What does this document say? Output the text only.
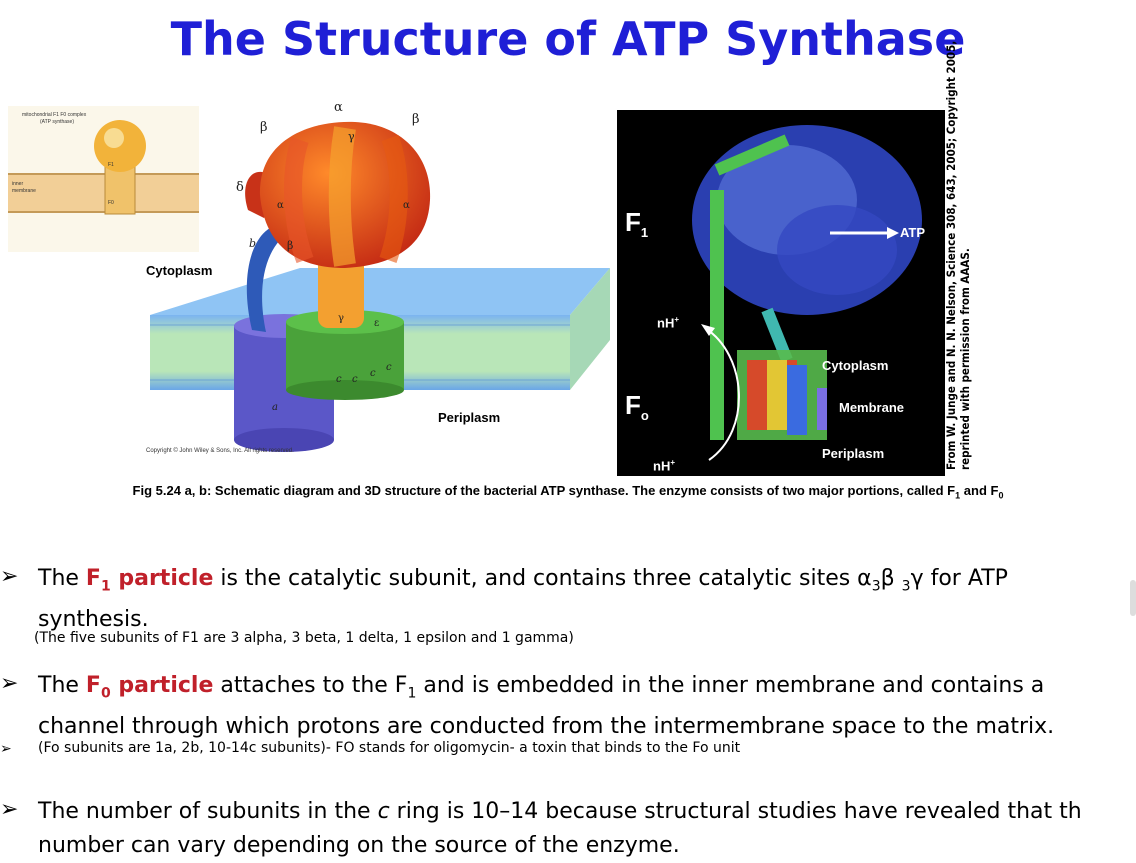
The Structure of ATP Synthase
mitochondrial F1 F0 complex
(ATP synthase)
inner
membrane
F1
F0
Cytoplasm
Periplasm
Copyright © John Wiley & Sons, Inc. All rights reserved.
α
β
β
γ
δ
α	α
b	β
γ	ε
a
c c
c
c
$F_1$
$F_o$
ATP
nH+
nH+
Cytoplasm
Membrane
Periplasm	From W. Junge and N. N. Nelson, Science 308, 643, 2005; Copyright 2005, reprinted with permission from AAAS.
Fig 5.24 a, b: Schematic diagram and 3D structure of the bacterial ATP synthase. The enzyme consists of two major portions, called $F_1$ and $F_0$
➢ The $F_1$ particle is the catalytic subunit, and contains three catalytic sites $\alpha_3\beta$ $_3$γ for ATP
synthesis.
(The five subunits of F1 are 3 alpha, 3 beta, 1 delta, 1 epsilon and 1 gamma)
➢ The $F_0$ particle attaches to the $F_1$ and is embedded in the inner membrane and contains a
channel through which protons are conducted from the intermembrane space to the matrix.
➢ (Fo subunits are 1a, 2b, 10-14c subunits)- FO stands for oligomycin- a toxin that binds to the Fo unit
➢ The number of subunits in the c ring is 10–14 because structural studies have revealed that th
number can vary depending on the source of the enzyme.
